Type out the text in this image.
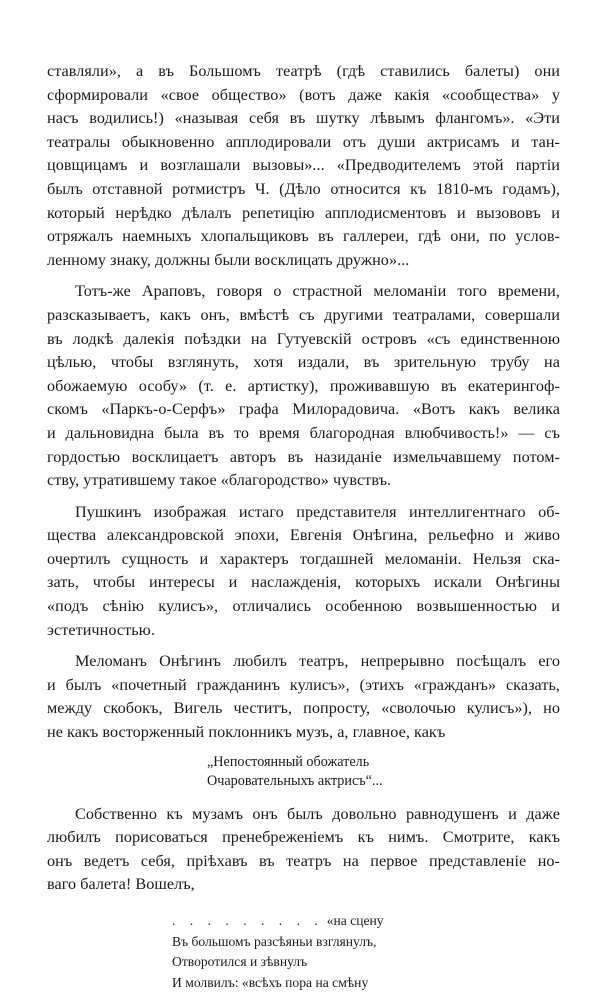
ставляли», а въ Большомъ театрѣ (гдѣ ставились балеты) они
сформировали «свое обществo» (вотъ даже какія «сообщества» у
насъ водились!) «называя себя въ шутку лѣвымъ флангомъ». «Эти
театралы обыкновенно апплодировали отъ души актрисамъ и тан-
цовщицамъ и возглашали вызовы»... «Предводителемъ этой партіи
былъ отставной ротмистръ Ч. (Дѣло относится къ 1810-мъ годамъ),
который нерѣдко дѣлалъ репетицію апплодисментовъ и вызововъ и
отряжалъ наемныхъ хлопальщиковъ въ галлереи, гдѣ они, по услов-
ленному знаку, должны были восклицать дружно»...
Тотъ-же Араповъ, говоря о страстной меломаніи того времени,
разсказываетъ, какъ онъ, вмѣстѣ съ другими театралами, совершали
въ лодкѣ далекія поѣздки на Гутуевскій островъ «съ единственною
цѣлью, чтобы взглянуть, хотя издали, въ зрительную трубу на
обожаемую особу» (т. е. артистку), проживавшую въ екатерингоф-
скомъ «Паркъ-о-Серфъ» графа Милорадовича. «Вотъ какъ велика
и дальновидна была въ то время благородная влюбчивость!» — съ
гордостью восклицаетъ авторъ въ назиданіе измельчавшему потом-
ству, утратившему такое «благородство» чувствъ.
Пушкинъ изображая истаго представителя интеллигентнаго об-
щества александровской эпохи, Евгенія Онѣгина, рельефно и живо
очертилъ сущность и характеръ тогдашней меломаніи. Нельзя ска-
зать, чтобы интересы и наслажденія, которыхъ искали Онѣгины
«подъ сѣнію кулисъ», отличались особенною возвышенностью и
эстетичностью.
Меломанъ Онѣгинъ любилъ театръ, непрерывно посѣщалъ его
и былъ «почетный гражданинъ кулисъ», (этихъ «гражданъ» сказать,
между скобокъ, Вигель честитъ, попросту, «сволочью кулисъ»), но
не какъ восторженный поклонникъ музъ, а, главное, какъ
„Непостоянный обожатель
Очаровательныхъ актрисъ“...
Собственно къ музамъ онъ былъ довольно равнодушенъ и даже
любилъ порисоваться пренебреженіемъ къ нимъ. Смотрите, какъ
онъ ведетъ себя, пріѣхавъ въ театръ на первое представленіе но-
ваго балета! Вошелъ,
. . . . . . . . . «на сцену
Въ большомъ разсѣяньи взглянулъ,
Отворотился и зѣвнулъ
И молвилъ: «всѣхъ пора на смѣну
